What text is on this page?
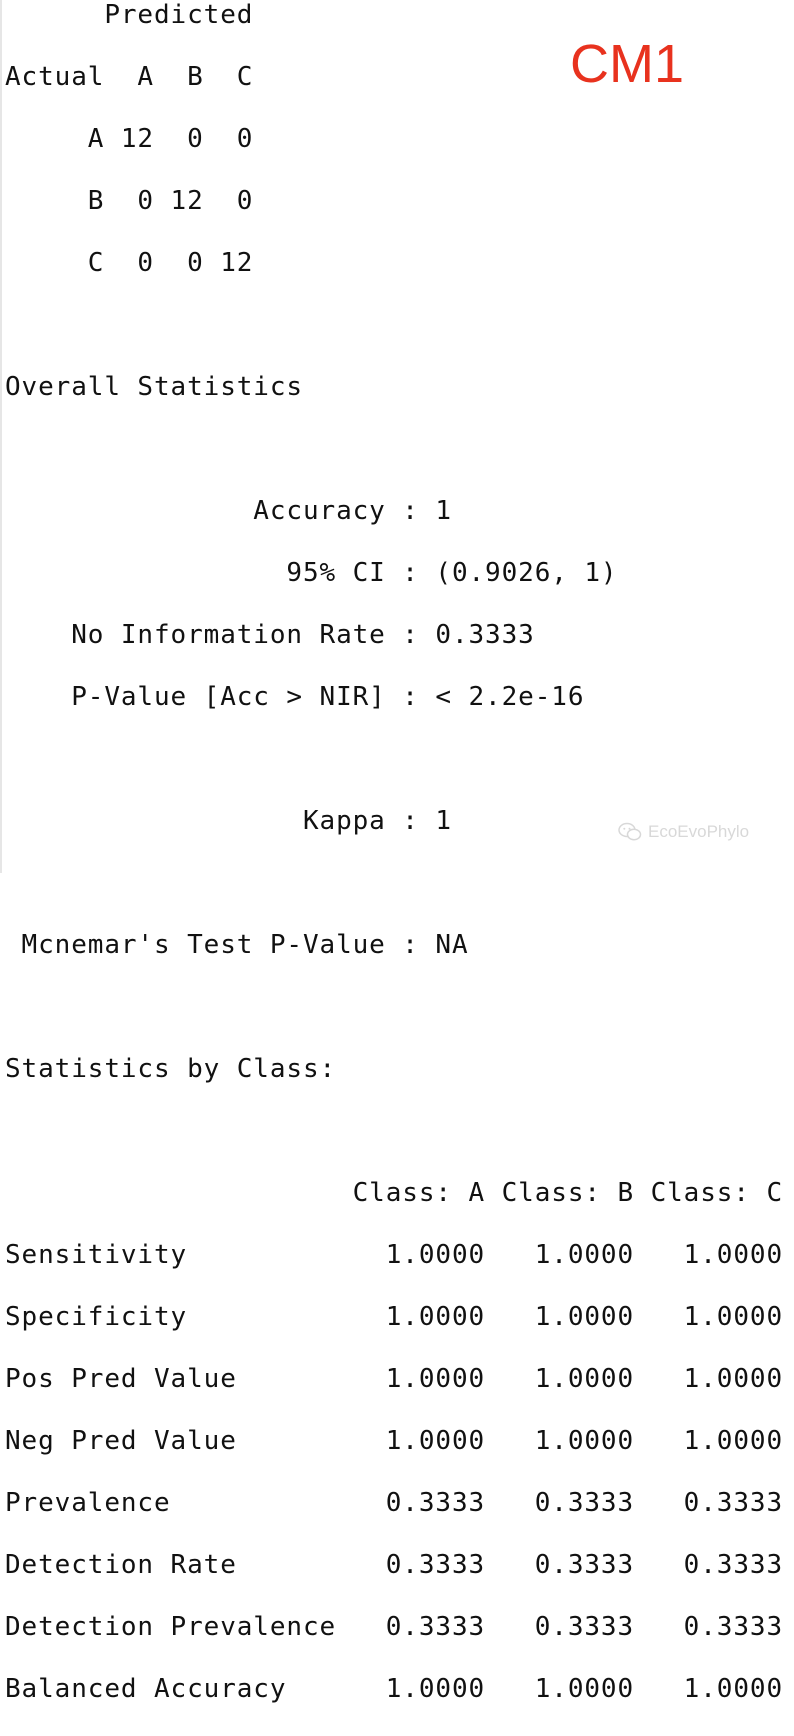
Predicted

Actual  A  B  C

A 12  0  0

B  0 12  0

C  0  0 12

Overall Statistics

Accuracy : 1

95% CI : (0.9026, 1)

No Information Rate : 0.3333

P-Value [Acc > NIR] : < 2.2e-16

Kappa : 1

Mcnemar's Test P-Value : NA

Statistics by Class:

Class: A Class: B Class: C

Sensitivity            1.0000   1.0000   1.0000

Specificity            1.0000   1.0000   1.0000

Pos Pred Value         1.0000   1.0000   1.0000

Neg Pred Value         1.0000   1.0000   1.0000

Prevalence             0.3333   0.3333   0.3333

Detection Rate         0.3333   0.3333   0.3333

Detection Prevalence   0.3333   0.3333   0.3333

Balanced Accuracy      1.0000   1.0000   1.0000

CM1
EcoEvoPhylo
